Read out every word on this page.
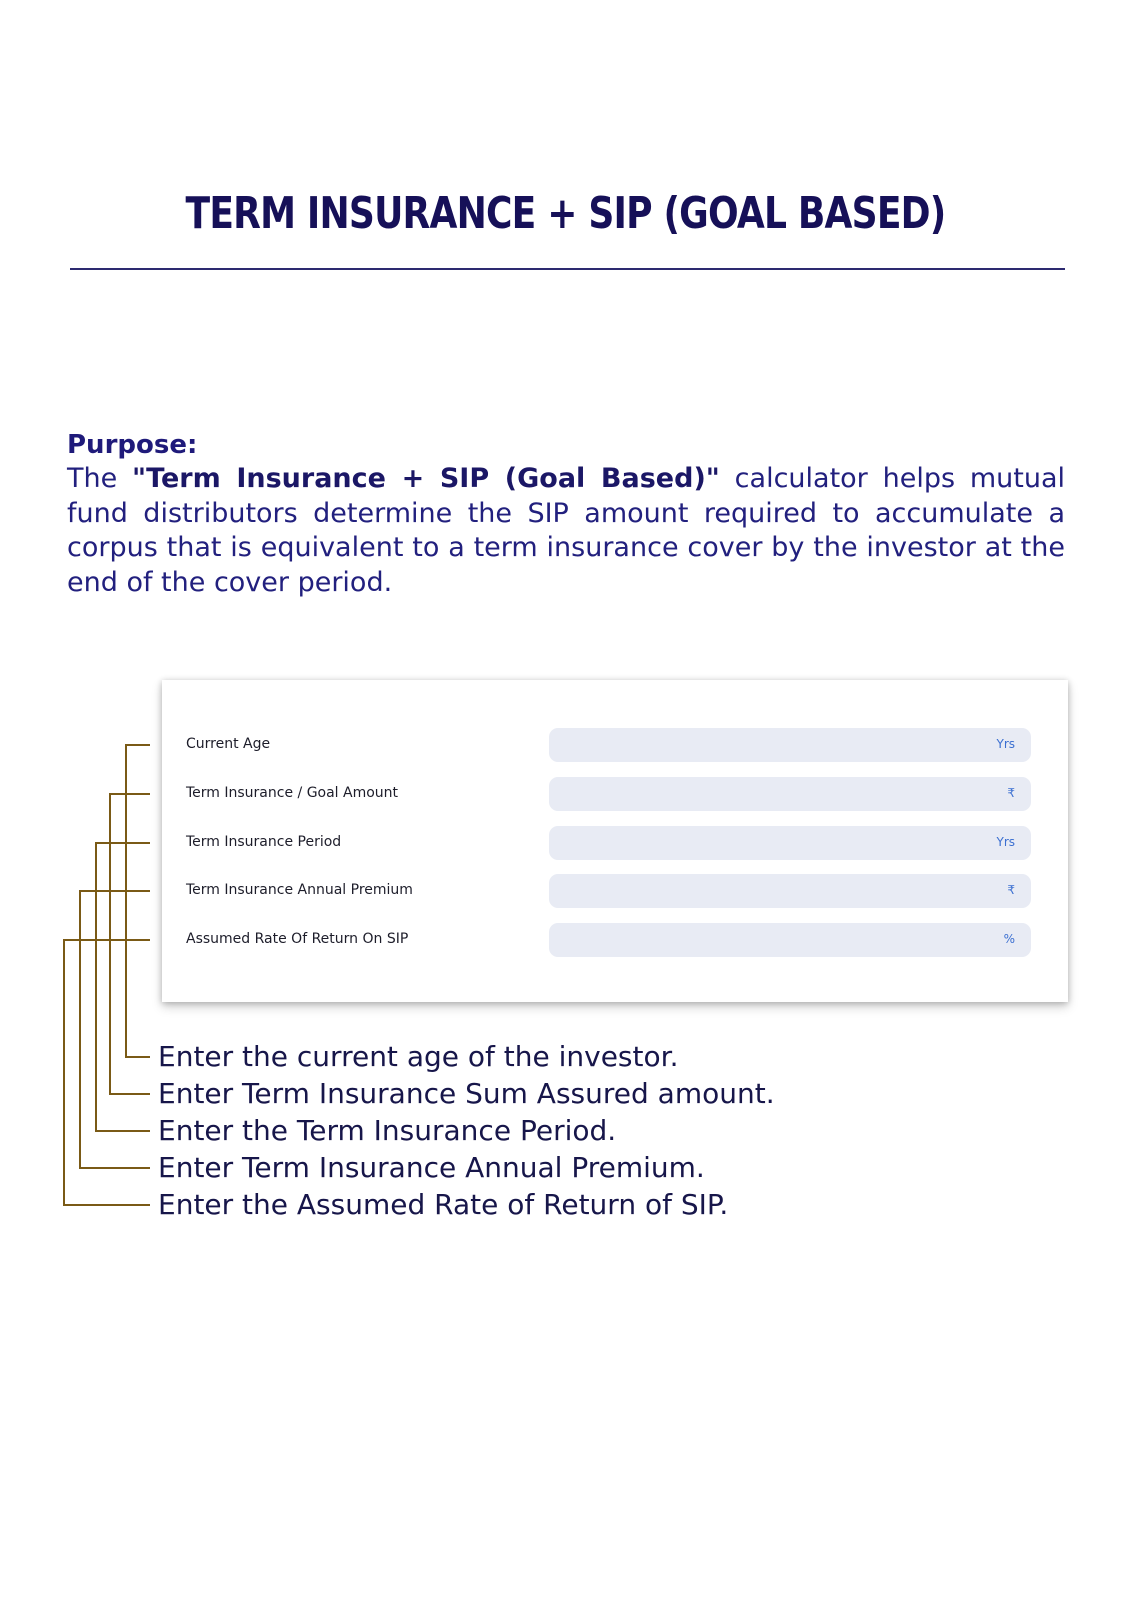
TERM INSURANCE + SIP (GOAL BASED)
Purpose:
The "Term Insurance + SIP (Goal Based)" calculator helps mutual fund distributors determine the SIP amount required to accumulate a corpus that is equivalent to a term insurance cover by the investor at the end of the cover period.
Current Age	Yrs
Term Insurance / Goal Amount	₹
Term Insurance Period	Yrs
Term Insurance Annual Premium	₹
Assumed Rate Of Return On SIP	%
Enter the current age of the investor.
Enter Term Insurance Sum Assured amount.
Enter the Term Insurance Period.
Enter Term Insurance Annual Premium.
Enter the Assumed Rate of Return of SIP.
